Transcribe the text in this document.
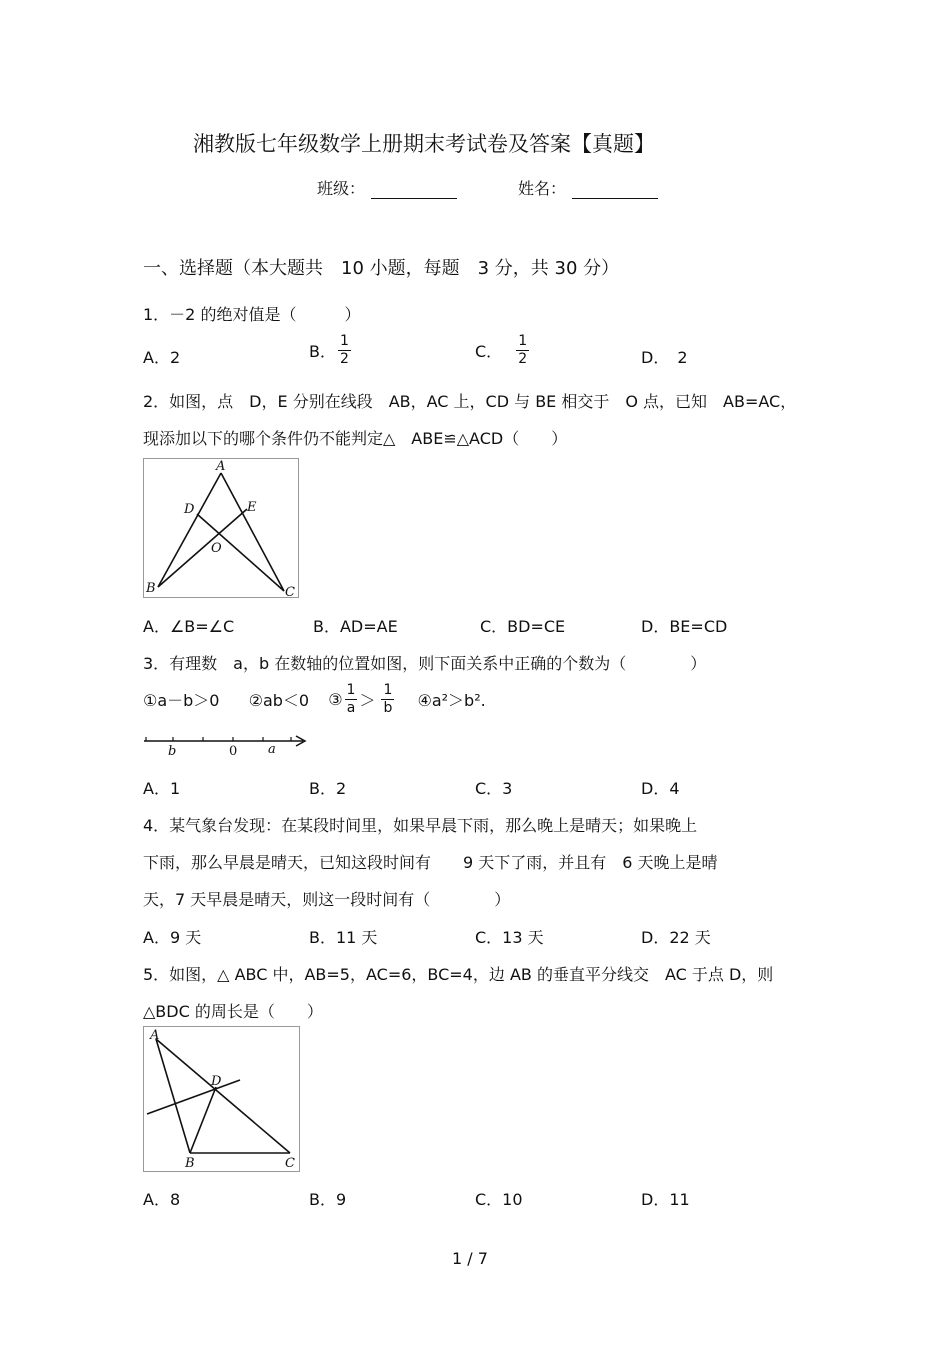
湘教版七年级数学上册期末考试卷及答案【真题】
班级：	姓名：
一、选择题（本大题共　10 小题，每题　3 分，共 30 分）
1．－2 的绝对值是（　　　）
A．2	B． $\frac{1}{2}$	C． $\frac{1}{2}$	D．　2
2．如图，点　D，E 分别在线段　AB，AC 上，CD 与 BE 相交于　O 点，已知　AB=AC，
现添加以下的哪个条件仍不能判定△　ABE≌△ACD（　　）
A
B	C
D	E
O
A．∠B=∠C	B．AD=AE	C．BD=CE	D．BE=CD
3．有理数　a，b 在数轴的位置如图，则下面关系中正确的个数为（　　　　）
①a－b＞0 ②ab＜0 ③ $\frac{1}{a} > \frac{1}{b}$ ④a²＞b².
b	0 a
A．1	B．2	C．3	D．4
4．某气象台发现：在某段时间里，如果早晨下雨，那么晚上是晴天；如果晚上
下雨，那么早晨是晴天，已知这段时间有　　9 天下了雨，并且有　6 天晚上是晴
天，7 天早晨是晴天，则这一段时间有（　　　　）
A．9 天	B．11 天	C．13 天	D．22 天
5．如图，△ ABC 中，AB=5，AC=6，BC=4，边 AB 的垂直平分线交　AC 于点 D，则
△BDC 的周长是（　　）
A
B	C
D
A．8	B．9	C．10	D．11
1 / 7
